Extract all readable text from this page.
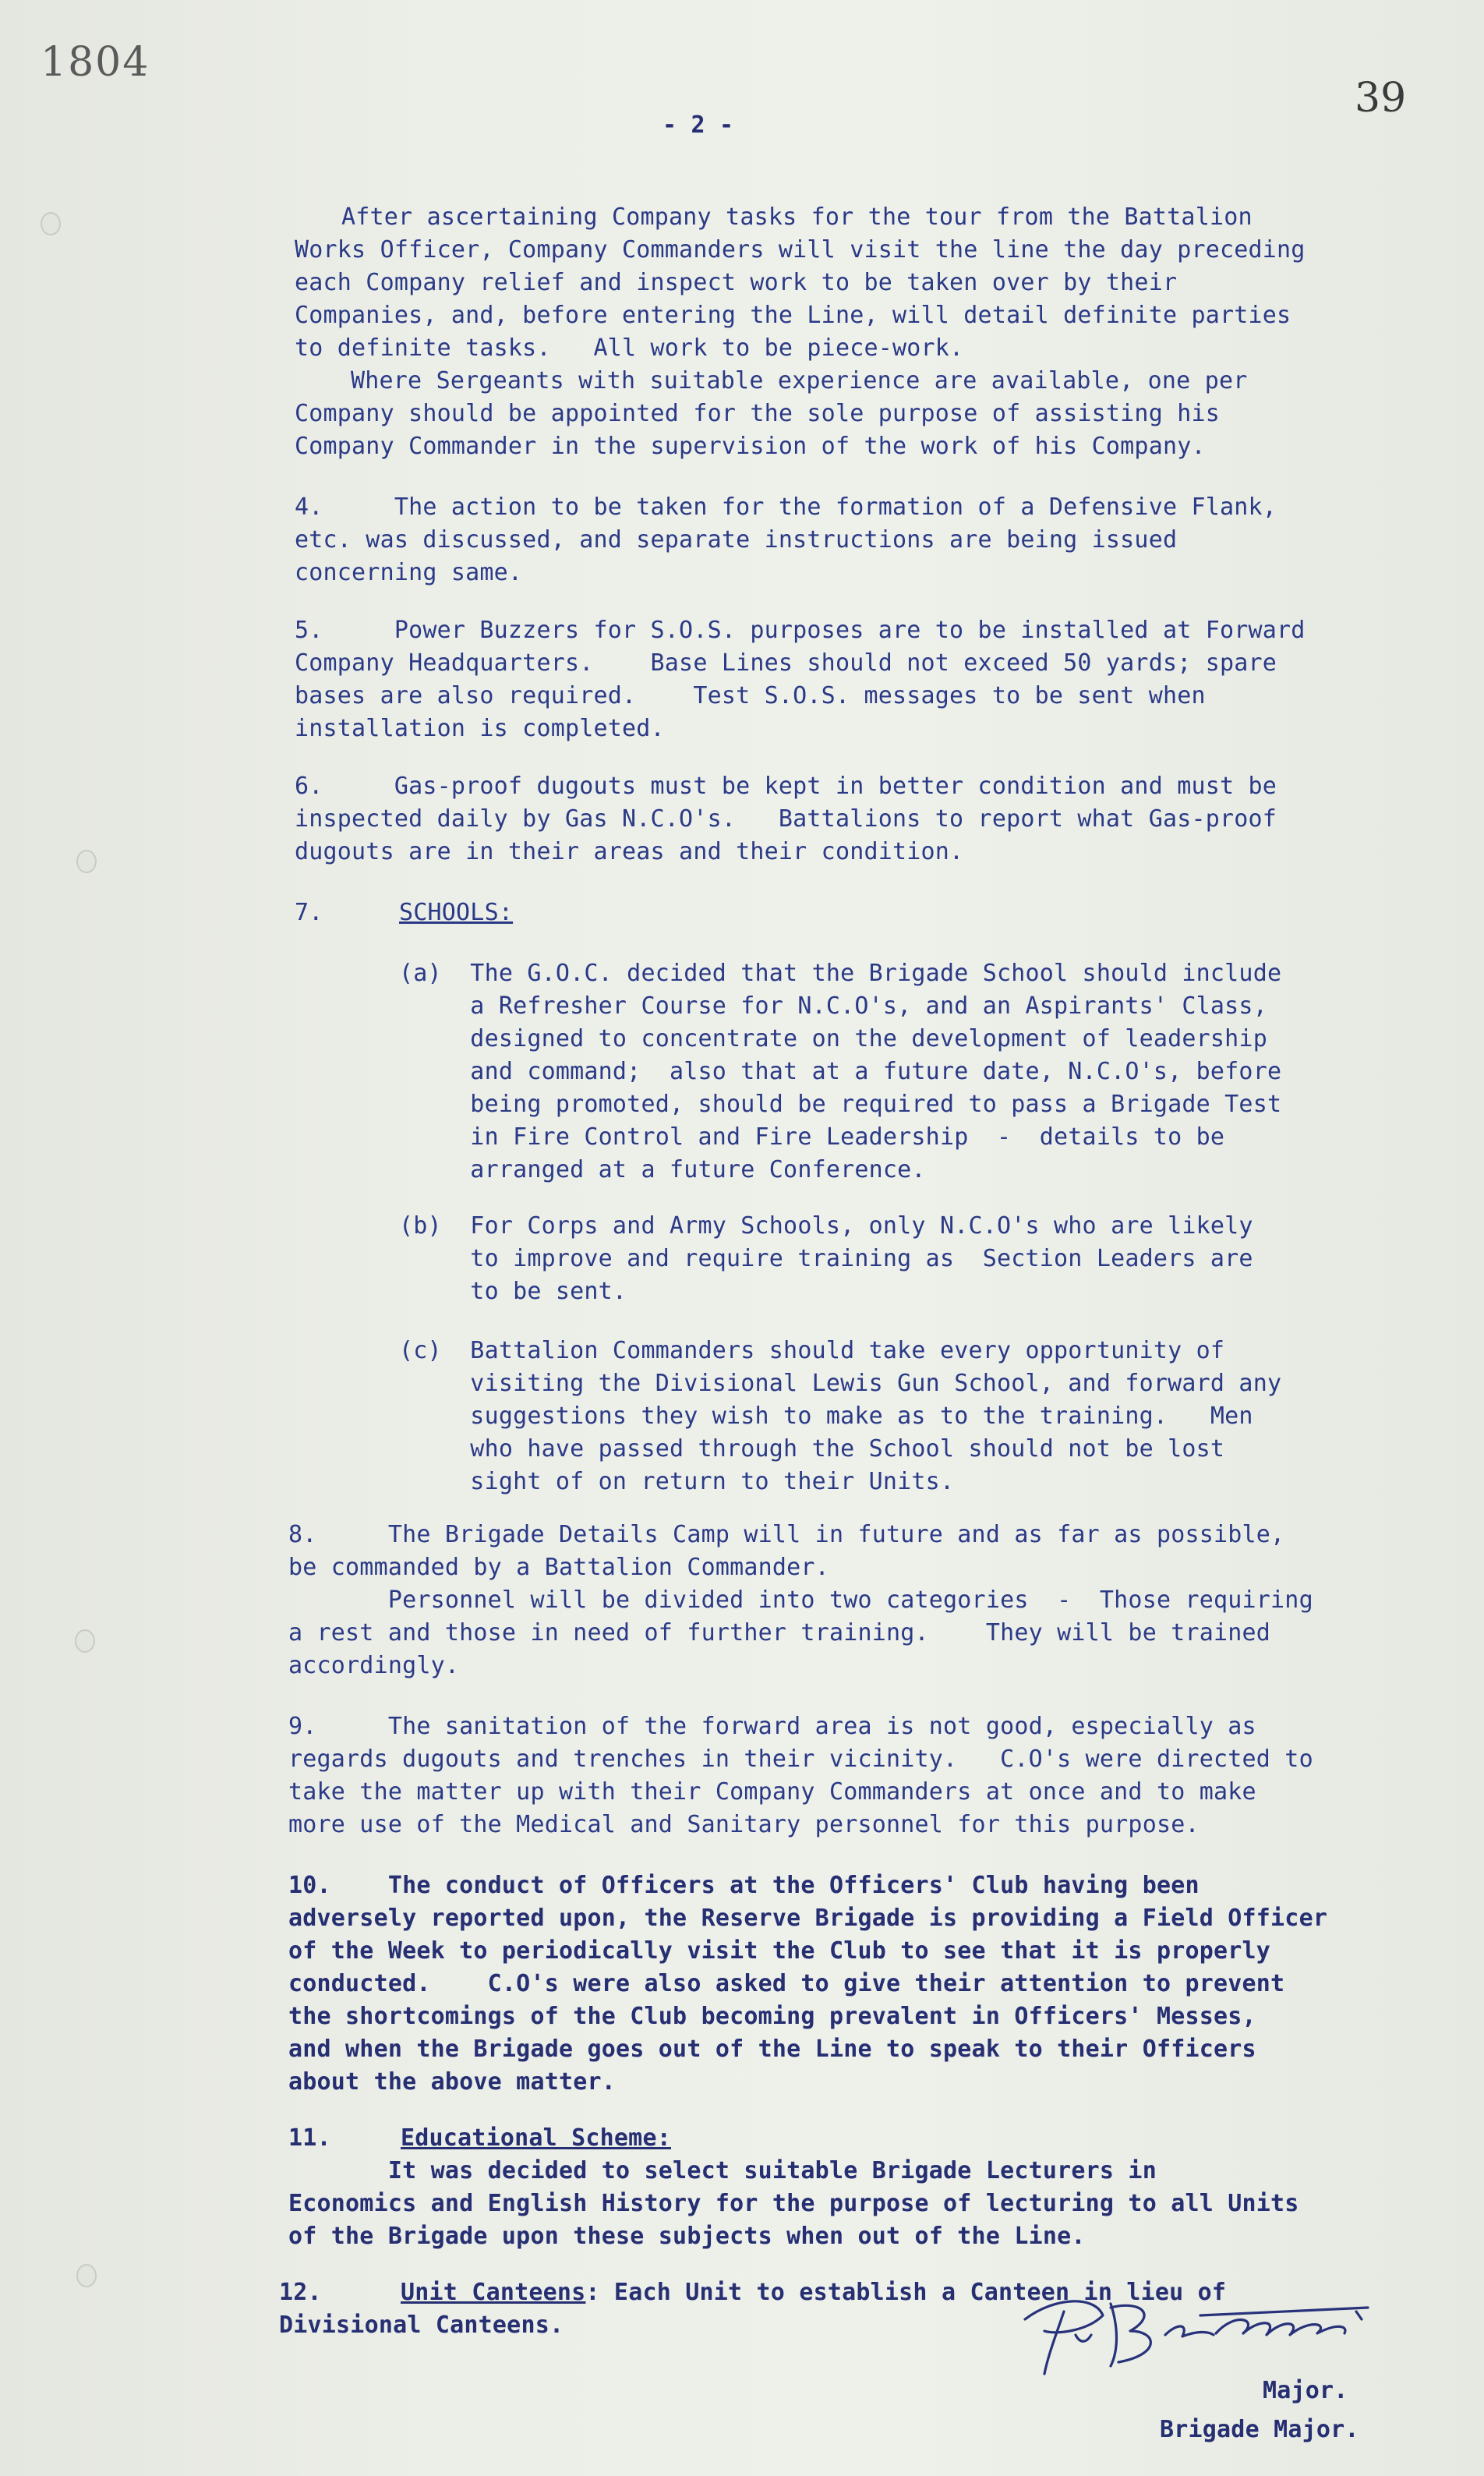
1804
39
- 2 -
After ascertaining Company tasks for the tour from the Battalion
Works Officer, Company Commanders will visit the line the day preceding
each Company relief and inspect work to be taken over by their
Companies, and, before entering the Line, will detail definite parties
to definite tasks.   All work to be piece-work.
Where Sergeants with suitable experience are available, one per
Company should be appointed for the sole purpose of assisting his
Company Commander in the supervision of the work of his Company.
4.     The action to be taken for the formation of a Defensive Flank,
etc. was discussed, and separate instructions are being issued
concerning same.
5.     Power Buzzers for S.O.S. purposes are to be installed at Forward
Company Headquarters.    Base Lines should not exceed 50 yards; spare
bases are also required.    Test S.O.S. messages to be sent when
installation is completed.
6.     Gas-proof dugouts must be kept in better condition and must be
inspected daily by Gas N.C.O's.   Battalions to report what Gas-proof
dugouts are in their areas and their condition.
7.	SCHOOLS:
(a)  The G.O.C. decided that the Brigade School should include
a Refresher Course for N.C.O's, and an Aspirants' Class,
designed to concentrate on the development of leadership
and command;  also that at a future date, N.C.O's, before
being promoted, should be required to pass a Brigade Test
in Fire Control and Fire Leadership  -  details to be
arranged at a future Conference.
(b)  For Corps and Army Schools, only N.C.O's who are likely
to improve and require training as  Section Leaders are
to be sent.
(c)  Battalion Commanders should take every opportunity of
visiting the Divisional Lewis Gun School, and forward any
suggestions they wish to make as to the training.   Men
who have passed through the School should not be lost
sight of on return to their Units.
8.     The Brigade Details Camp will in future and as far as possible,
be commanded by a Battalion Commander.
Personnel will be divided into two categories  -  Those requiring
a rest and those in need of further training.    They will be trained
accordingly.
9.     The sanitation of the forward area is not good, especially as
regards dugouts and trenches in their vicinity.   C.O's were directed to
take the matter up with their Company Commanders at once and to make
more use of the Medical and Sanitary personnel for this purpose.
10.    The conduct of Officers at the Officers' Club having been
adversely reported upon, the Reserve Brigade is providing a Field Officer
of the Week to periodically visit the Club to see that it is properly
conducted.    C.O's were also asked to give their attention to prevent
the shortcomings of the Club becoming prevalent in Officers' Messes,
and when the Brigade goes out of the Line to speak to their Officers
about the above matter.
11.	Educational Scheme:
It was decided to select suitable Brigade Lecturers in
Economics and English History for the purpose of lecturing to all Units
of the Brigade upon these subjects when out of the Line.
12.	Unit Canteens: Each Unit to establish a Canteen in lieu of
Divisional Canteens.
Major.
Brigade Major.
